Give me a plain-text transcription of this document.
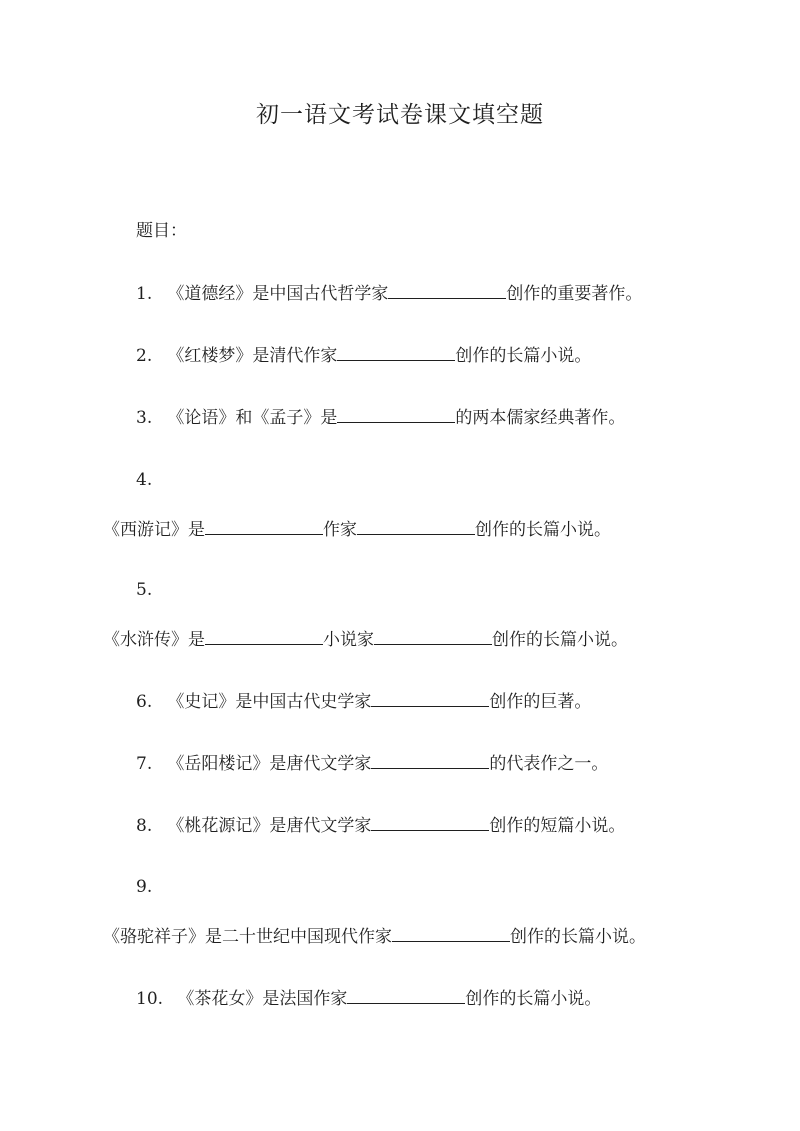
初一语文考试卷课文填空题
题目：
1. 《道德经》是中国古代哲学家	创作的重要著作。
2. 《红楼梦》是清代作家	创作的长篇小说。
3. 《论语》和《孟子》是	的两本儒家经典著作。
4.
《西游记》是	作家	创作的长篇小说。
5.
《水浒传》是	小说家	创作的长篇小说。
6. 《史记》是中国古代史学家	创作的巨著。
7. 《岳阳楼记》是唐代文学家	的代表作之一。
8. 《桃花源记》是唐代文学家	创作的短篇小说。
9.
《骆驼祥子》是二十世纪中国现代作家	创作的长篇小说。
10. 《茶花女》是法国作家	创作的长篇小说。
